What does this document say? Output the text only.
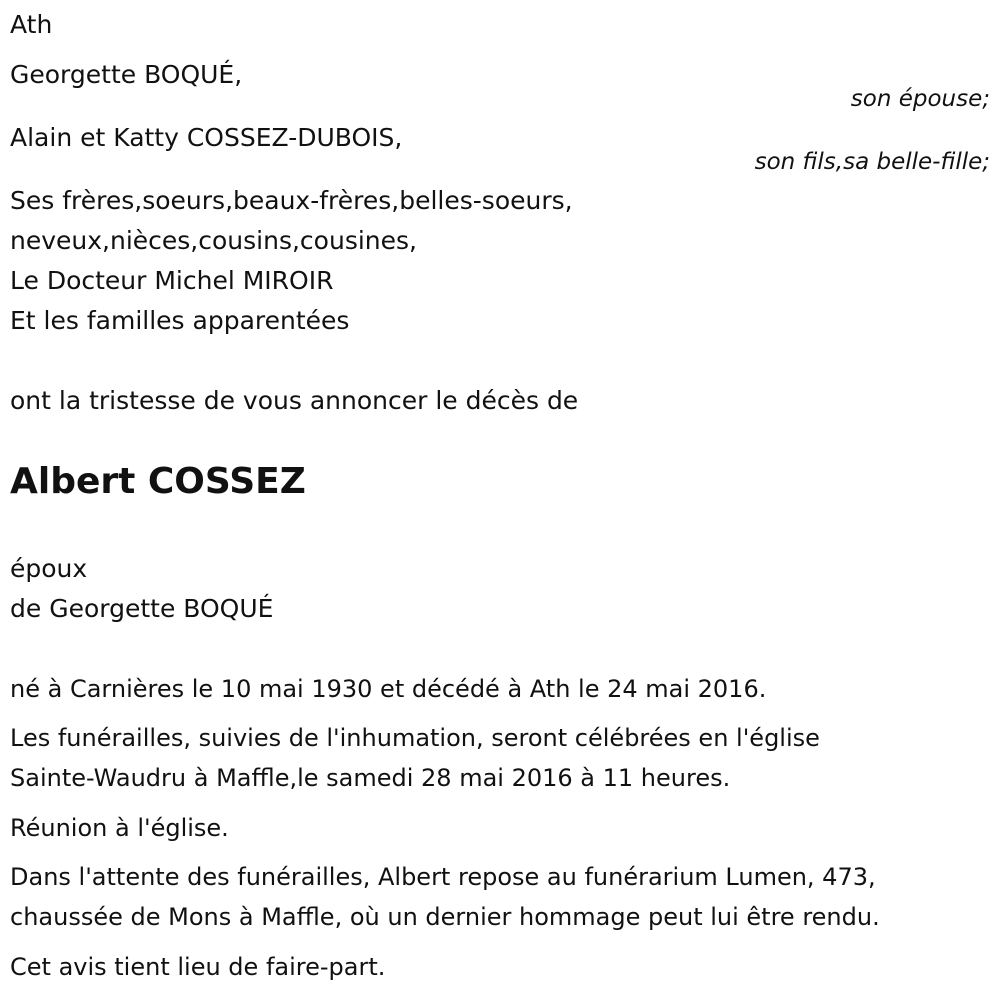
Ath
Georgette BOQUÉ,
son épouse;
Alain et Katty COSSEZ-DUBOIS,
son fils,sa belle-fille;
Ses frères,soeurs,beaux-frères,belles-soeurs,
neveux,nièces,cousins,cousines,
Le Docteur Michel MIROIR
Et les familles apparentées
ont la tristesse de vous annoncer le décès de
Albert COSSEZ
époux
de Georgette BOQUÉ
né à Carnières le 10 mai 1930 et décédé à Ath le 24 mai 2016.
Les funérailles, suivies de l'inhumation, seront célébrées en l'église
Sainte-Waudru à Maffle,le samedi 28 mai 2016 à 11 heures.
Réunion à l'église.
Dans l'attente des funérailles, Albert repose au funérarium Lumen, 473,
chaussée de Mons à Maffle, où un dernier hommage peut lui être rendu.
Cet avis tient lieu de faire-part.
